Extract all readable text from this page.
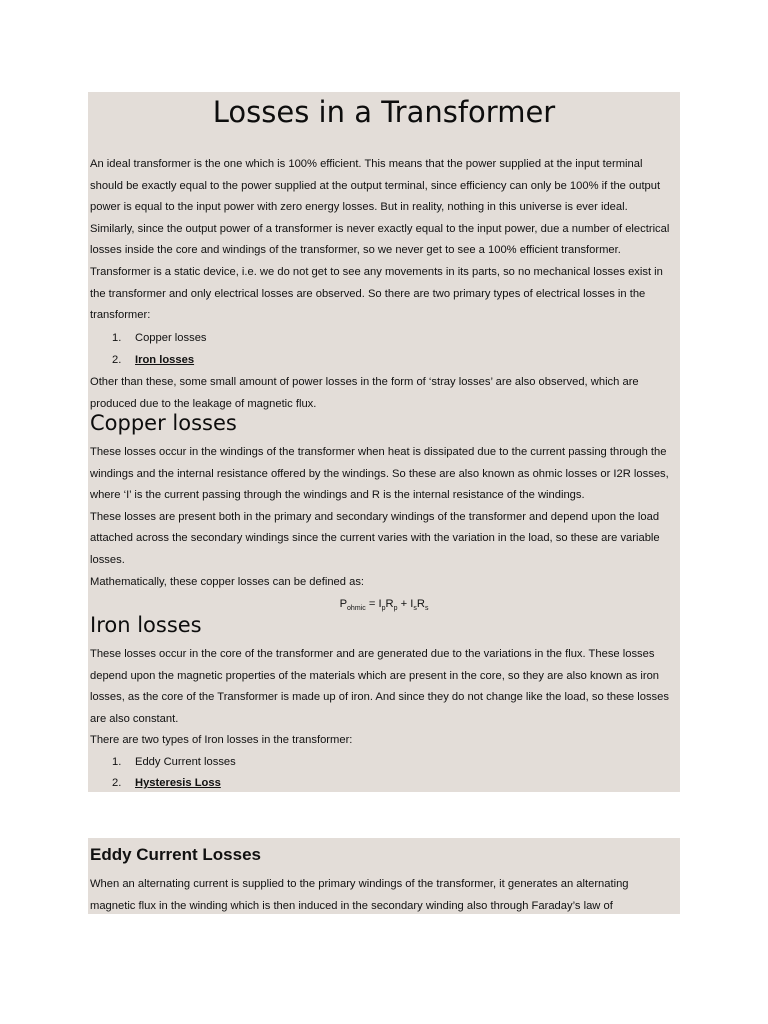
Losses in a Transformer
An ideal transformer is the one which is 100% efficient. This means that the power supplied at the input terminal
should be exactly equal to the power supplied at the output terminal, since efficiency can only be 100% if the output
power is equal to the input power with zero energy losses. But in reality, nothing in this universe is ever ideal.
Similarly, since the output power of a transformer is never exactly equal to the input power, due a number of electrical
losses inside the core and windings of the transformer, so we never get to see a 100% efficient transformer.
Transformer is a static device, i.e. we do not get to see any movements in its parts, so no mechanical losses exist in
the transformer and only electrical losses are observed. So there are two primary types of electrical losses in the
transformer:
1. Copper losses
2. Iron losses
Other than these, some small amount of power losses in the form of ‘stray losses’ are also observed, which are
produced due to the leakage of magnetic flux.
Copper losses
These losses occur in the windings of the transformer when heat is dissipated due to the current passing through the
windings and the internal resistance offered by the windings. So these are also known as ohmic losses or I2R losses,
where ‘I’ is the current passing through the windings and R is the internal resistance of the windings.
These losses are present both in the primary and secondary windings of the transformer and depend upon the load
attached across the secondary windings since the current varies with the variation in the load, so these are variable
losses.
Mathematically, these copper losses can be defined as:
$P_{ohmic} = I_pR_p + I_sR_s$
Iron losses
These losses occur in the core of the transformer and are generated due to the variations in the flux. These losses
depend upon the magnetic properties of the materials which are present in the core, so they are also known as iron
losses, as the core of the Transformer is made up of iron. And since they do not change like the load, so these losses
are also constant.
There are two types of Iron losses in the transformer:
1. Eddy Current losses
2. Hysteresis Loss
Eddy Current Losses
When an alternating current is supplied to the primary windings of the transformer, it generates an alternating
magnetic flux in the winding which is then induced in the secondary winding also through Faraday’s law of
